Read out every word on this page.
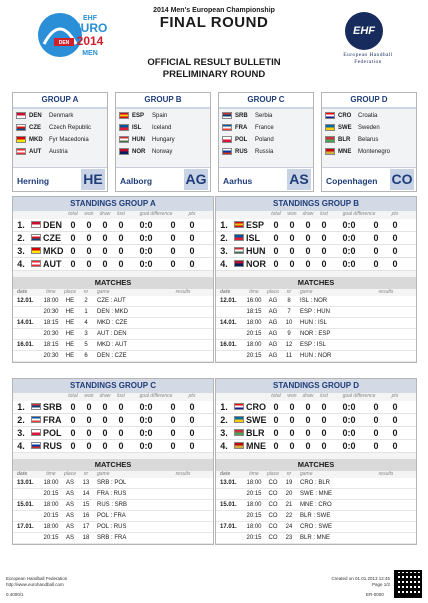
DEN
EHF
EURO
2014
MEN
2014 Men's European Championship
FINAL ROUND	EHF
European Handball
Federation
OFFICIAL RESULT BULLETIN
PRELIMINARY ROUND
GROUP A
DEN	Denmark
CZE	Czech Republic
MKD	Fyr Macedonia
AUT	Austria
Herning HE
GROUP B
ESP	Spain
ISL	Iceland
HUN	Hungary
NOR	Norway
Aalborg AG
GROUP C
SRB	Serbia
FRA	France
POL	Poland
RUS	Russia
Aarhus	AS
GROUP D
CRO	Croatia
SWE	Sweden
BLR	Belarus
MNE	Montenegro
Copenhagen CO
STANDINGS GROUP A
total	won	draw	lost	goal difference	pts
1.	DEN 0	0	0	0	0:0	0	0
2.	CZE	0	0	0	0	0:0	0	0
3.	MKD 0	0	0	0	0:0	0	0
4.	AUT 0	0	0	0	0:0	0	0
MATCHES
date	time	place	nr	game	results
12.01.	18:00	HE	2	CZE : AUT
20:30	HE	1	DEN : MKD
14.01.	18:15	HE	4	MKD : CZE
20:30	HE	3	AUT : DEN
16.01.	18:15	HE	5	MKD : AUT
20:30	HE	6	DEN : CZE
STANDINGS GROUP B
total	won	draw	lost	goal difference	pts
1.	ESP	0	0	0	0	0:0	0	0
2.	ISL	0	0	0	0	0:0	0	0
3.	HUN 0	0	0	0	0:0	0	0
4.	NOR 0	0	0	0	0:0	0	0
MATCHES
date	time	place	nr	game	results
12.01.	16:00	AG	8	ISL : NOR
18:15	AG	7	ESP : HUN
14.01.	18:00	AG	10	HUN : ISL
20:15	AG	9	NOR : ESP
16.01.	18:00	AG	12	ESP : ISL
20:15	AG	11	HUN : NOR
STANDINGS GROUP C
total	won	draw	lost	goal difference	pts
1.	SRB 0	0	0	0	0:0	0	0
2.	FRA 0	0	0	0	0:0	0	0
3.	POL 0	0	0	0	0:0	0	0
4.	RUS 0	0	0	0	0:0	0	0
MATCHES
date	time	place	nr	game	results
13.01.	18:00	AS	13	SRB : POL
20:15	AS	14	FRA : RUS
15.01.	18:00	AS	15	RUS : SRB
20:15	AS	16	POL : FRA
17.01.	18:00	AS	17	POL : RUS
20:15	AS	18	SRB : FRA
STANDINGS GROUP D
total	won	draw	lost	goal difference	pts
1.	CRO 0	0	0	0	0:0	0	0
2.	SWE 0	0	0	0	0:0	0	0
3.	BLR 0	0	0	0	0:0	0	0
4.	MNE 0	0	0	0	0:0	0	0
MATCHES
date	time	place	nr	game	results
13.01.	18:00	CO	19	CRO : BLR
20:15	CO	20	SWE : MNE
15.01.	18:00	CO	21	MNE : CRO
20:15	CO	22	BLR : SWE
17.01.	18:00	CO	24	CRO : SWE
20:15	CO	23	BLR : MNE
European Handball Federation
http://www.eurohandball.com
0.4000/1
Created on 01.01.2013 12:45
Page 1/2
ER-0000
